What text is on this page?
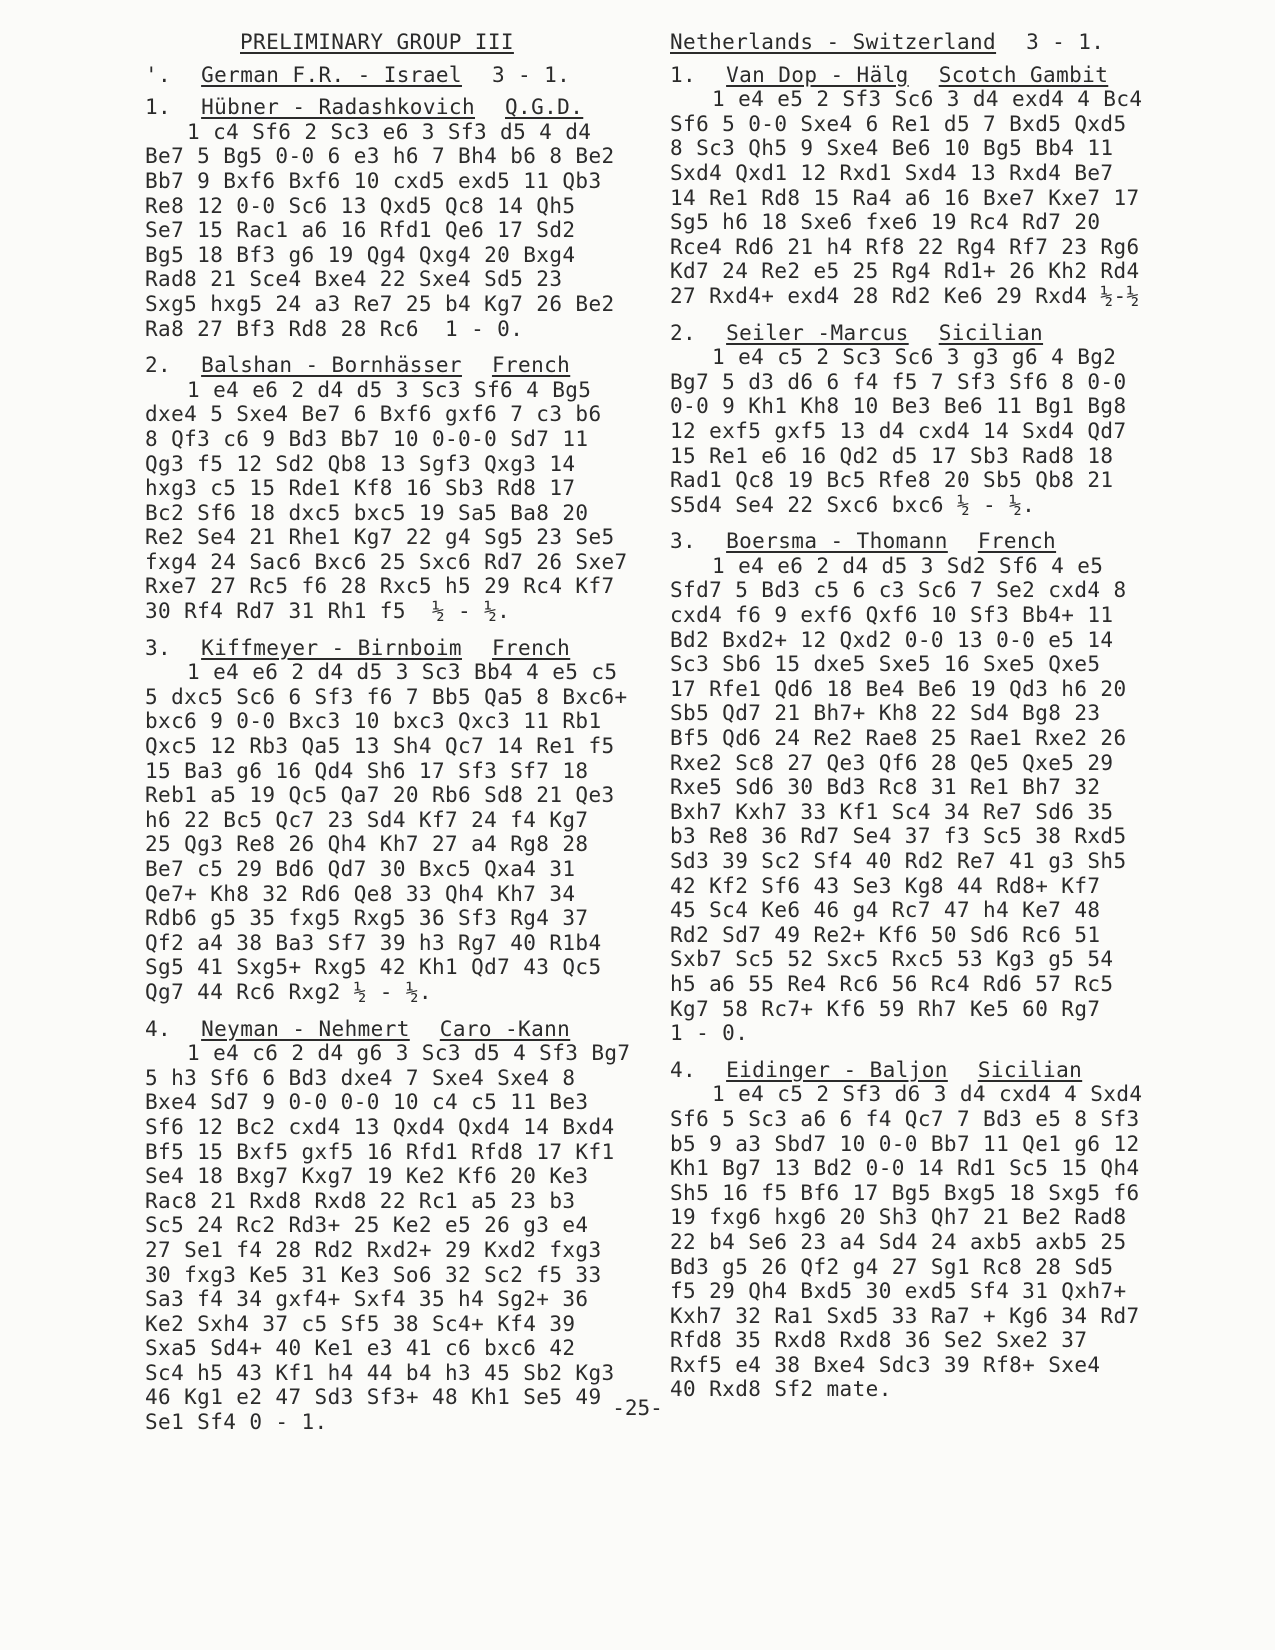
PRELIMINARY GROUP III
'. German F.R. - Israel 3 - 1.
1. Hübner - Radashkovich Q.G.D.
1 c4 Sf6 2 Sc3 e6 3 Sf3 d5 4 d4
Be7 5 Bg5 0-0 6 e3 h6 7 Bh4 b6 8 Be2
Bb7 9 Bxf6 Bxf6 10 cxd5 exd5 11 Qb3
Re8 12 0-0 Sc6 13 Qxd5 Qc8 14 Qh5
Se7 15 Rac1 a6 16 Rfd1 Qe6 17 Sd2
Bg5 18 Bf3 g6 19 Qg4 Qxg4 20 Bxg4
Rad8 21 Sce4 Bxe4 22 Sxe4 Sd5 23
Sxg5 hxg5 24 a3 Re7 25 b4 Kg7 26 Be2
Ra8 27 Bf3 Rd8 28 Rc6  1 - 0.
2. Balshan - Bornhässer French
1 e4 e6 2 d4 d5 3 Sc3 Sf6 4 Bg5
dxe4 5 Sxe4 Be7 6 Bxf6 gxf6 7 c3 b6
8 Qf3 c6 9 Bd3 Bb7 10 0-0-0 Sd7 11
Qg3 f5 12 Sd2 Qb8 13 Sgf3 Qxg3 14
hxg3 c5 15 Rde1 Kf8 16 Sb3 Rd8 17
Bc2 Sf6 18 dxc5 bxc5 19 Sa5 Ba8 20
Re2 Se4 21 Rhe1 Kg7 22 g4 Sg5 23 Se5
fxg4 24 Sac6 Bxc6 25 Sxc6 Rd7 26 Sxe7
Rxe7 27 Rc5 f6 28 Rxc5 h5 29 Rc4 Kf7
30 Rf4 Rd7 31 Rh1 f5  ½ - ½.
3. Kiffmeyer - Birnboim French
1 e4 e6 2 d4 d5 3 Sc3 Bb4 4 e5 c5
5 dxc5 Sc6 6 Sf3 f6 7 Bb5 Qa5 8 Bxc6+
bxc6 9 0-0 Bxc3 10 bxc3 Qxc3 11 Rb1
Qxc5 12 Rb3 Qa5 13 Sh4 Qc7 14 Re1 f5
15 Ba3 g6 16 Qd4 Sh6 17 Sf3 Sf7 18
Reb1 a5 19 Qc5 Qa7 20 Rb6 Sd8 21 Qe3
h6 22 Bc5 Qc7 23 Sd4 Kf7 24 f4 Kg7
25 Qg3 Re8 26 Qh4 Kh7 27 a4 Rg8 28
Be7 c5 29 Bd6 Qd7 30 Bxc5 Qxa4 31
Qe7+ Kh8 32 Rd6 Qe8 33 Qh4 Kh7 34
Rdb6 g5 35 fxg5 Rxg5 36 Sf3 Rg4 37
Qf2 a4 38 Ba3 Sf7 39 h3 Rg7 40 R1b4
Sg5 41 Sxg5+ Rxg5 42 Kh1 Qd7 43 Qc5
Qg7 44 Rc6 Rxg2 ½ - ½.
4. Neyman - Nehmert Caro -Kann
1 e4 c6 2 d4 g6 3 Sc3 d5 4 Sf3 Bg7
5 h3 Sf6 6 Bd3 dxe4 7 Sxe4 Sxe4 8
Bxe4 Sd7 9 0-0 0-0 10 c4 c5 11 Be3
Sf6 12 Bc2 cxd4 13 Qxd4 Qxd4 14 Bxd4
Bf5 15 Bxf5 gxf5 16 Rfd1 Rfd8 17 Kf1
Se4 18 Bxg7 Kxg7 19 Ke2 Kf6 20 Ke3
Rac8 21 Rxd8 Rxd8 22 Rc1 a5 23 b3
Sc5 24 Rc2 Rd3+ 25 Ke2 e5 26 g3 e4
27 Se1 f4 28 Rd2 Rxd2+ 29 Kxd2 fxg3
30 fxg3 Ke5 31 Ke3 So6 32 Sc2 f5 33
Sa3 f4 34 gxf4+ Sxf4 35 h4 Sg2+ 36
Ke2 Sxh4 37 c5 Sf5 38 Sc4+ Kf4 39
Sxa5 Sd4+ 40 Ke1 e3 41 c6 bxc6 42
Sc4 h5 43 Kf1 h4 44 b4 h3 45 Sb2 Kg3
46 Kg1 e2 47 Sd3 Sf3+ 48 Kh1 Se5 49
Se1 Sf4 0 - 1.
Netherlands - Switzerland 3 - 1.
1. Van Dop - Hälg Scotch Gambit
1 e4 e5 2 Sf3 Sc6 3 d4 exd4 4 Bc4
Sf6 5 0-0 Sxe4 6 Re1 d5 7 Bxd5 Qxd5
8 Sc3 Qh5 9 Sxe4 Be6 10 Bg5 Bb4 11
Sxd4 Qxd1 12 Rxd1 Sxd4 13 Rxd4 Be7
14 Re1 Rd8 15 Ra4 a6 16 Bxe7 Kxe7 17
Sg5 h6 18 Sxe6 fxe6 19 Rc4 Rd7 20
Rce4 Rd6 21 h4 Rf8 22 Rg4 Rf7 23 Rg6
Kd7 24 Re2 e5 25 Rg4 Rd1+ 26 Kh2 Rd4
27 Rxd4+ exd4 28 Rd2 Ke6 29 Rxd4 ½-½
2. Seiler -Marcus Sicilian
1 e4 c5 2 Sc3 Sc6 3 g3 g6 4 Bg2
Bg7 5 d3 d6 6 f4 f5 7 Sf3 Sf6 8 0-0
0-0 9 Kh1 Kh8 10 Be3 Be6 11 Bg1 Bg8
12 exf5 gxf5 13 d4 cxd4 14 Sxd4 Qd7
15 Re1 e6 16 Qd2 d5 17 Sb3 Rad8 18
Rad1 Qc8 19 Bc5 Rfe8 20 Sb5 Qb8 21
S5d4 Se4 22 Sxc6 bxc6 ½ - ½.
3. Boersma - Thomann French
1 e4 e6 2 d4 d5 3 Sd2 Sf6 4 e5
Sfd7 5 Bd3 c5 6 c3 Sc6 7 Se2 cxd4 8
cxd4 f6 9 exf6 Qxf6 10 Sf3 Bb4+ 11
Bd2 Bxd2+ 12 Qxd2 0-0 13 0-0 e5 14
Sc3 Sb6 15 dxe5 Sxe5 16 Sxe5 Qxe5
17 Rfe1 Qd6 18 Be4 Be6 19 Qd3 h6 20
Sb5 Qd7 21 Bh7+ Kh8 22 Sd4 Bg8 23
Bf5 Qd6 24 Re2 Rae8 25 Rae1 Rxe2 26
Rxe2 Sc8 27 Qe3 Qf6 28 Qe5 Qxe5 29
Rxe5 Sd6 30 Bd3 Rc8 31 Re1 Bh7 32
Bxh7 Kxh7 33 Kf1 Sc4 34 Re7 Sd6 35
b3 Re8 36 Rd7 Se4 37 f3 Sc5 38 Rxd5
Sd3 39 Sc2 Sf4 40 Rd2 Re7 41 g3 Sh5
42 Kf2 Sf6 43 Se3 Kg8 44 Rd8+ Kf7
45 Sc4 Ke6 46 g4 Rc7 47 h4 Ke7 48
Rd2 Sd7 49 Re2+ Kf6 50 Sd6 Rc6 51
Sxb7 Sc5 52 Sxc5 Rxc5 53 Kg3 g5 54
h5 a6 55 Re4 Rc6 56 Rc4 Rd6 57 Rc5
Kg7 58 Rc7+ Kf6 59 Rh7 Ke5 60 Rg7
1 - 0.
4. Eidinger - Baljon Sicilian
1 e4 c5 2 Sf3 d6 3 d4 cxd4 4 Sxd4
Sf6 5 Sc3 a6 6 f4 Qc7 7 Bd3 e5 8 Sf3
b5 9 a3 Sbd7 10 0-0 Bb7 11 Qe1 g6 12
Kh1 Bg7 13 Bd2 0-0 14 Rd1 Sc5 15 Qh4
Sh5 16 f5 Bf6 17 Bg5 Bxg5 18 Sxg5 f6
19 fxg6 hxg6 20 Sh3 Qh7 21 Be2 Rad8
22 b4 Se6 23 a4 Sd4 24 axb5 axb5 25
Bd3 g5 26 Qf2 g4 27 Sg1 Rc8 28 Sd5
f5 29 Qh4 Bxd5 30 exd5 Sf4 31 Qxh7+
Kxh7 32 Ra1 Sxd5 33 Ra7 + Kg6 34 Rd7
Rfd8 35 Rxd8 Rxd8 36 Se2 Sxe2 37
Rxf5 e4 38 Bxe4 Sdc3 39 Rf8+ Sxe4
40 Rxd8 Sf2 mate.
-25-
